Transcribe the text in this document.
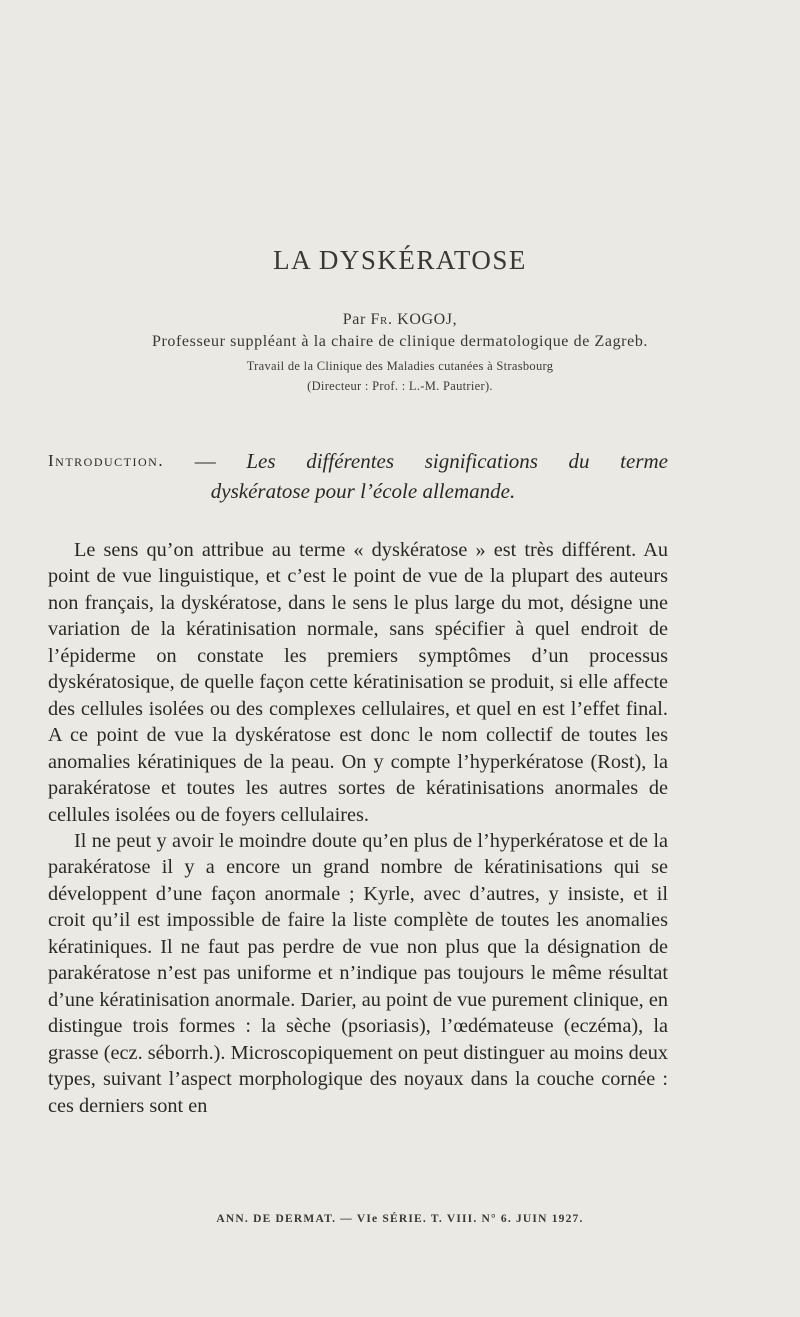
LA DYSKÉRATOSE
Par Fr. KOGOJ,
Professeur suppléant à la chaire de clinique dermatologique de Zagreb.
Travail de la Clinique des Maladies cutanées à Strasbourg
(Directeur : Prof. : L.-M. Pautrier).
Introduction. — Les différentes significations du terme
dyskératose pour l’école allemande.

Le sens qu’on attribue au terme « dyskératose » est très différent. Au point de vue linguistique, et c’est le point de vue de la plupart des auteurs non français, la dyskératose, dans le sens le plus large du mot, désigne une variation de la kératinisation normale, sans spécifier à quel endroit de l’épiderme on constate les premiers symptômes d’un processus dyskératosique, de quelle façon cette kératinisation se produit, si elle affecte des cellules isolées ou des complexes cellulaires, et quel en est l’effet final. A ce point de vue la dyskératose est donc le nom collectif de toutes les anomalies kératiniques de la peau. On y compte l’hyperkératose (Rost), la parakératose et toutes les autres sortes de kératinisations anormales de cellules isolées ou de foyers cellulaires.

Il ne peut y avoir le moindre doute qu’en plus de l’hyperkératose et de la parakératose il y a encore un grand nombre de kératinisations qui se développent d’une façon anormale ; Kyrle, avec d’autres, y insiste, et il croit qu’il est impossible de faire la liste complète de toutes les anomalies kératiniques. Il ne faut pas perdre de vue non plus que la désignation de parakératose n’est pas uniforme et n’indique pas toujours le même résultat d’une kératinisation anormale. Darier, au point de vue purement clinique, en distingue trois formes : la sèche (psoriasis), l’œdémateuse (eczéma), la grasse (ecz. séborrh.). Microscopiquement on peut distinguer au moins deux types, suivant l’aspect morphologique des noyaux dans la couche cornée : ces derniers sont en

ANN. DE DERMAT. — VIe SÉRIE. T. VIII. N° 6. JUIN 1927.
